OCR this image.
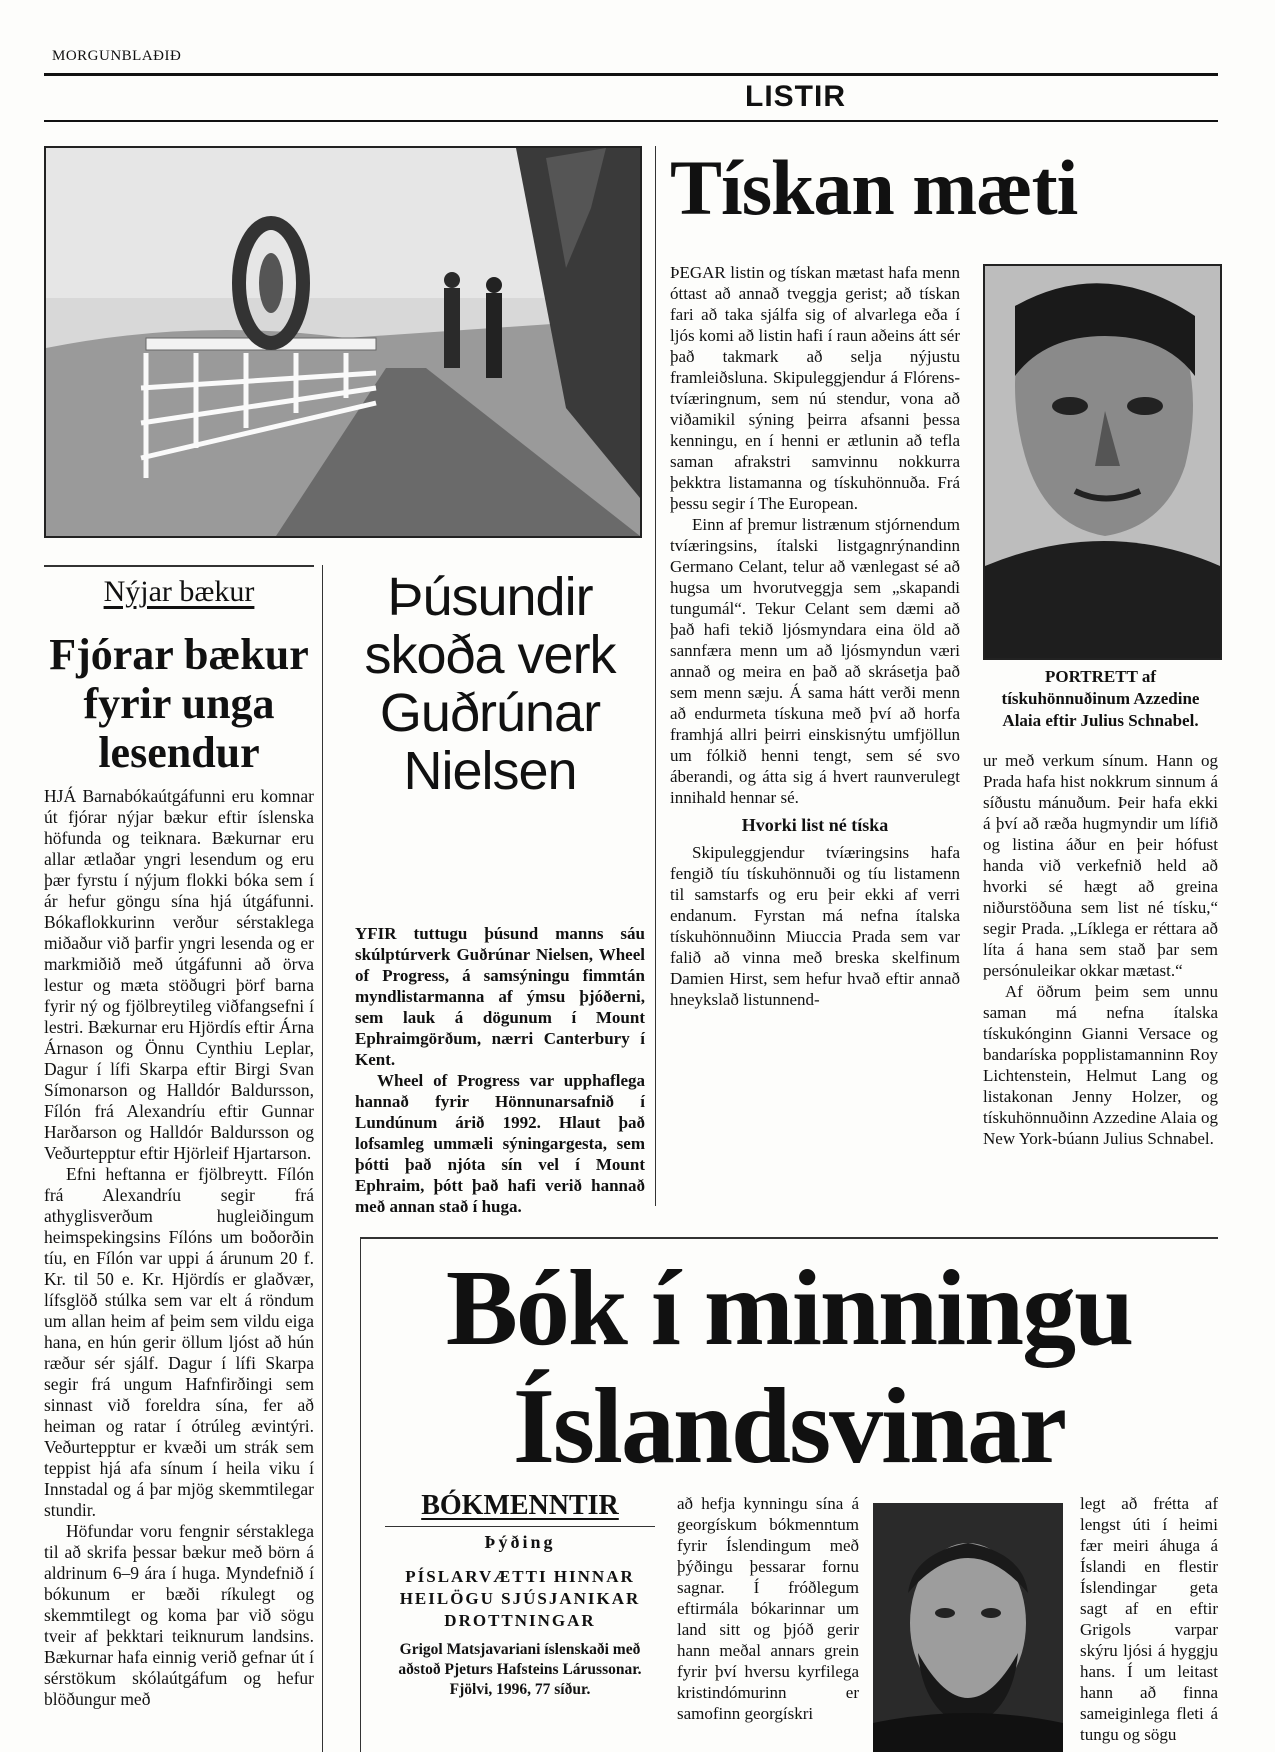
MORGUNBLAÐIÐ
LISTIR
Nýjar bækur
Fjórar bækur fyrir unga lesendur

HJÁ Barnabókaútgáfunni eru komnar út fjórar nýjar bækur eftir íslenska höfunda og teiknara. Bækurnar eru allar ætlaðar yngri lesendum og eru þær fyrstu í nýjum flokki bóka sem í ár hefur göngu sína hjá útgáfunni. Bókaflokkurinn verður sérstaklega miðaður við þarfir yngri lesenda og er markmiðið með útgáfunni að örva lestur og mæta stöðugri þörf barna fyrir ný og fjölbreytileg viðfangsefni í lestri. Bækurnar eru Hjördís eftir Árna Árnason og Önnu Cynthiu Leplar, Dagur í lífi Skarpa eftir Birgi Svan Símonarson og Halldór Baldursson, Fílón frá Alexandríu eftir Gunnar Harðarson og Halldór Baldursson og Veðurtepptur eftir Hjörleif Hjartarson.

Efni heftanna er fjölbreytt. Fílón frá Alexandríu segir frá athyglisverðum hugleiðingum heimspekingsins Fílóns um boðorðin tíu, en Fílón var uppi á árunum 20 f. Kr. til 50 e. Kr. Hjördís er glaðvær, lífsglöð stúlka sem var elt á röndum um allan heim af þeim sem vildu eiga hana, en hún gerir öllum ljóst að hún ræður sér sjálf. Dagur í lífi Skarpa segir frá ungum Hafnfirðingi sem sinnast við foreldra sína, fer að heiman og ratar í ótrúleg ævintýri. Veðurtepptur er kvæði um strák sem teppist hjá afa sínum í heila viku í Innstadal og á þar mjög skemmtilegar stundir.

Höfundar voru fengnir sérstaklega til að skrifa þessar bækur með börn á aldrinum 6–9 ára í huga. Myndefnið í bókunum er bæði ríkulegt og skemmtilegt og koma þar við sögu tveir af þekktari teiknurum landsins. Bækurnar hafa einnig verið gefnar út í sérstökum skólaútgáfum og hefur blöðungur með

Þúsundir skoða verk Guðrúnar Nielsen

YFIR tuttugu þúsund manns sáu skúlptúrverk Guðrúnar Nielsen, Wheel of Progress, á samsýningu fimmtán myndlistarmanna af ýmsu þjóðerni, sem lauk á dögunum í Mount Ephraimgörðum, nærri Canterbury í Kent.

Wheel of Progress var upphaflega hannað fyrir Hönnunarsafnið í Lundúnum árið 1992. Hlaut það lofsamleg ummæli sýningargesta, sem þótti það njóta sín vel í Mount Ephraim, þótt það hafi verið hannað með annan stað í huga.

Tískan mæti

ÞEGAR listin og tískan mætast hafa menn óttast að annað tveggja gerist; að tískan fari að taka sjálfa sig of alvarlega eða í ljós komi að listin hafi í raun aðeins átt sér það takmark að selja nýjustu framleiðsluna. Skipuleggjendur á Flórens-tvíæringnum, sem nú stendur, vona að viðamikil sýning þeirra afsanni þessa kenningu, en í henni er ætlunin að tefla saman afrakstri samvinnu nokkurra þekktra listamanna og tískuhönnuða. Frá þessu segir í The European.

Einn af þremur listrænum stjórnendum tvíæringsins, ítalski listgagnrýnandinn Germano Celant, telur að vænlegast sé að hugsa um hvorutveggja sem „skapandi tungumál“. Tekur Celant sem dæmi að það hafi tekið ljósmyndara eina öld að sannfæra menn um að ljósmyndun væri annað og meira en það að skrásetja það sem menn sæju. Á sama hátt verði menn að endurmeta tískuna með því að horfa framhjá allri þeirri einskisnýtu umfjöllun um fólkið henni tengt, sem sé svo áberandi, og átta sig á hvert raunverulegt innihald hennar sé.

Hvorki list né tíska

Skipuleggjendur tvíæringsins hafa fengið tíu tískuhönnuði og tíu listamenn til samstarfs og eru þeir ekki af verri endanum. Fyrstan má nefna ítalska tískuhönnuðinn Miuccia Prada sem var falið að vinna með breska skelfinum Damien Hirst, sem hefur hvað eftir annað hneykslað listunnend-

PORTRETT af tískuhönnuðinum Azzedine Alaia eftir Julius Schnabel.

ur með verkum sínum. Hann og Prada hafa hist nokkrum sinnum á síðustu mánuðum. Þeir hafa ekki á því að ræða hugmyndir um lífið og listina áður en þeir hófust handa við verkefnið held að hvorki sé hægt að greina niðurstöðuna sem list né tísku,“ segir Prada. „Líklega er réttara að líta á hana sem stað þar sem persónuleikar okkar mætast.“

Af öðrum þeim sem unnu saman má nefna ítalska tískukónginn Gianni Versace og bandaríska popplistamanninn Roy Lichtenstein, Helmut Lang og listakonan Jenny Holzer, og tískuhönnuðinn Azzedine Alaia og New York-búann Julius Schnabel.

Bók í minningu Íslandsvinar
BÓKMENNTIR
Þýðing
PÍSLARVÆTTI HINNAR HEILÖGU SJÚSJANIKAR DROTTNINGAR
Grigol Matsjavariani íslenskaði með aðstoð Pjeturs Hafsteins Lárussonar. Fjölvi, 1996, 77 síður.

að hefja kynningu sína á georgískum bókmenntum fyrir Íslendingum með þýðingu þessarar fornu sagnar. Í fróðlegum eftirmála bókarinnar um land sitt og þjóð gerir hann meðal annars grein fyrir því hversu kyrfilega kristindómurinn er samofinn georgískri

legt að frétta af lengst úti í heimi fær meiri áhuga á Íslandi en flestir Íslendingar geta sagt af en eftir Grigols varpar skýru ljósi á hyggju hans. Í um leitast hann að finna sameiginlega fleti á tungu og sögu
